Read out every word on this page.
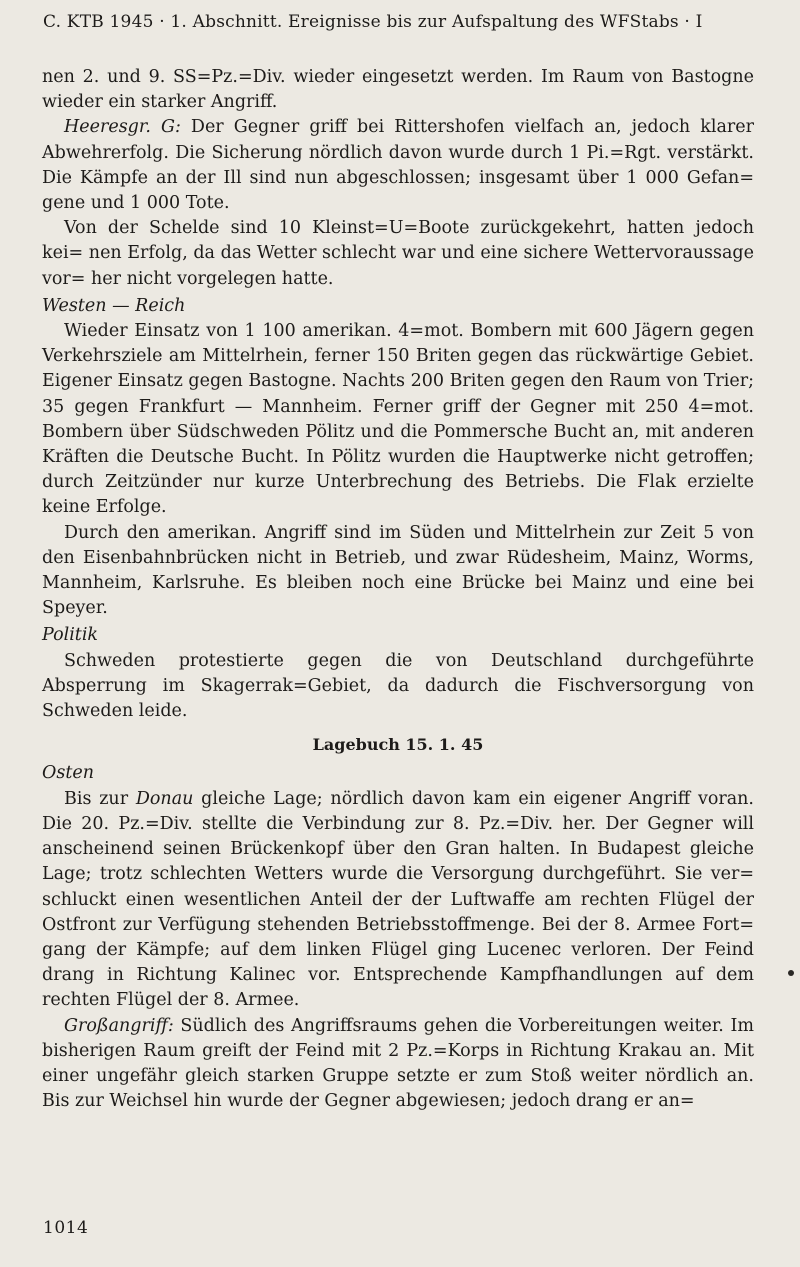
C. KTB 1945 · 1. Abschnitt. Ereignisse bis zur Aufspaltung des WFStabs · I

nen 2. und 9. SS=Pz.=Div. wieder eingesetzt werden. Im Raum von Bastogne wieder ein starker Angriff.

Heeresgr. G: Der Gegner griff bei Rittershofen vielfach an, jedoch klarer Abwehrerfolg. Die Sicherung nördlich davon wurde durch 1 Pi.=Rgt. verstärkt. Die Kämpfe an der Ill sind nun abgeschlossen; insgesamt über 1 000 Gefan= gene und 1 000 Tote.

Von der Schelde sind 10 Kleinst=U=Boote zurückgekehrt, hatten jedoch kei= nen Erfolg, da das Wetter schlecht war und eine sichere Wettervoraussage vor= her nicht vorgelegen hatte.

Westen — Reich

Wieder Einsatz von 1 100 amerikan. 4=mot. Bombern mit 600 Jägern gegen Verkehrsziele am Mittelrhein, ferner 150 Briten gegen das rückwärtige Gebiet. Eigener Einsatz gegen Bastogne. Nachts 200 Briten gegen den Raum von Trier; 35 gegen Frankfurt — Mannheim. Ferner griff der Gegner mit 250 4=mot. Bombern über Südschweden Pölitz und die Pommersche Bucht an, mit anderen Kräften die Deutsche Bucht. In Pölitz wurden die Hauptwerke nicht getroffen; durch Zeitzünder nur kurze Unterbrechung des Betriebs. Die Flak erzielte keine Erfolge.

Durch den amerikan. Angriff sind im Süden und Mittelrhein zur Zeit 5 von den Eisenbahnbrücken nicht in Betrieb, und zwar Rüdesheim, Mainz, Worms, Mannheim, Karlsruhe. Es bleiben noch eine Brücke bei Mainz und eine bei Speyer.

Politik

Schweden protestierte gegen die von Deutschland durchgeführte Absperrung im Skagerrak=Gebiet, da dadurch die Fischversorgung von Schweden leide.

Lagebuch 15. 1. 45

Osten

Bis zur Donau gleiche Lage; nördlich davon kam ein eigener Angriff voran. Die 20. Pz.=Div. stellte die Verbindung zur 8. Pz.=Div. her. Der Gegner will anscheinend seinen Brückenkopf über den Gran halten. In Budapest gleiche Lage; trotz schlechten Wetters wurde die Versorgung durchgeführt. Sie ver= schluckt einen wesentlichen Anteil der der Luftwaffe am rechten Flügel der Ostfront zur Verfügung stehenden Betriebsstoffmenge. Bei der 8. Armee Fort= gang der Kämpfe; auf dem linken Flügel ging Lucenec verloren. Der Feind drang in Richtung Kalinec vor. Entsprechende Kampfhandlungen auf dem rechten Flügel der 8. Armee.

Großangriff: Südlich des Angriffsraums gehen die Vorbereitungen weiter. Im bisherigen Raum greift der Feind mit 2 Pz.=Korps in Richtung Krakau an. Mit einer ungefähr gleich starken Gruppe setzte er zum Stoß weiter nördlich an. Bis zur Weichsel hin wurde der Gegner abgewiesen; jedoch drang er an=

1014
